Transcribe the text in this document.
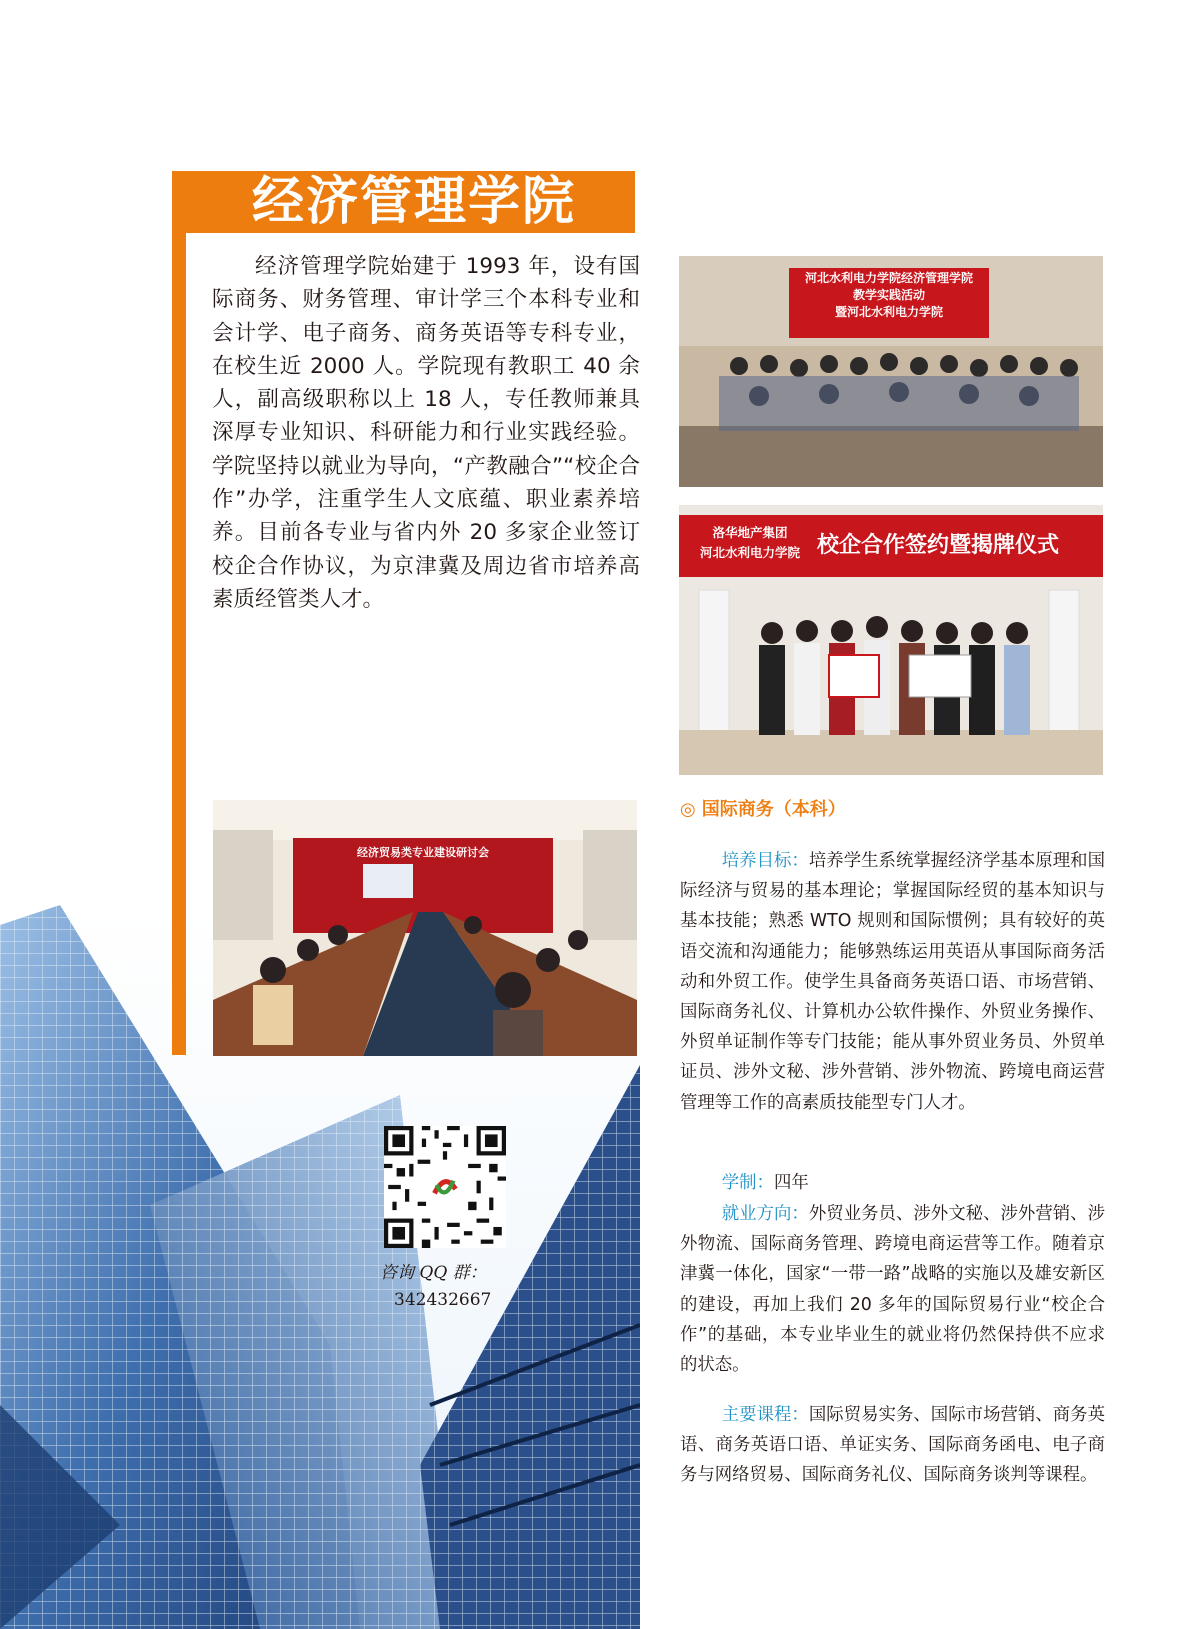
经济管理学院

经济管理学院始建于 1993 年，设有国际商务、财务管理、审计学三个本科专业和会计学、电子商务、商务英语等专科专业，在校生近 2000 人。学院现有教职工 40 余人，副高级职称以上 18 人，专任教师兼具深厚专业知识、科研能力和行业实践经验。学院坚持以就业为导向，“产教融合”“校企合作”办学，注重学生人文底蕴、职业素养培养。目前各专业与省内外 20 多家企业签订校企合作协议，为京津冀及周边省市培养高素质经管类人才。

河北水利电力学院经济管理学院
教学实践活动
暨河北水利电力学院
洛华地产集团
河北水利电力学院 校企合作签约暨揭牌仪式
经济贸易类专业建设研讨会
咨询 QQ 群：
342432667
◎ 国际商务（本科）

培养目标：培养学生系统掌握经济学基本原理和国际经济与贸易的基本理论；掌握国际经贸的基本知识与基本技能；熟悉 WTO 规则和国际惯例；具有较好的英语交流和沟通能力；能够熟练运用英语从事国际商务活动和外贸工作。使学生具备商务英语口语、市场营销、国际商务礼仪、计算机办公软件操作、外贸业务操作、外贸单证制作等专门技能；能从事外贸业务员、外贸单证员、涉外文秘、涉外营销、涉外物流、跨境电商运营管理等工作的高素质技能型专门人才。

学制：四年

就业方向：外贸业务员、涉外文秘、涉外营销、涉外物流、国际商务管理、跨境电商运营等工作。随着京津冀一体化，国家“一带一路”战略的实施以及雄安新区的建设，再加上我们 20 多年的国际贸易行业“校企合作”的基础，本专业毕业生的就业将仍然保持供不应求的状态。

主要课程：国际贸易实务、国际市场营销、商务英语、商务英语口语、单证实务、国际商务函电、电子商务与网络贸易、国际商务礼仪、国际商务谈判等课程。
